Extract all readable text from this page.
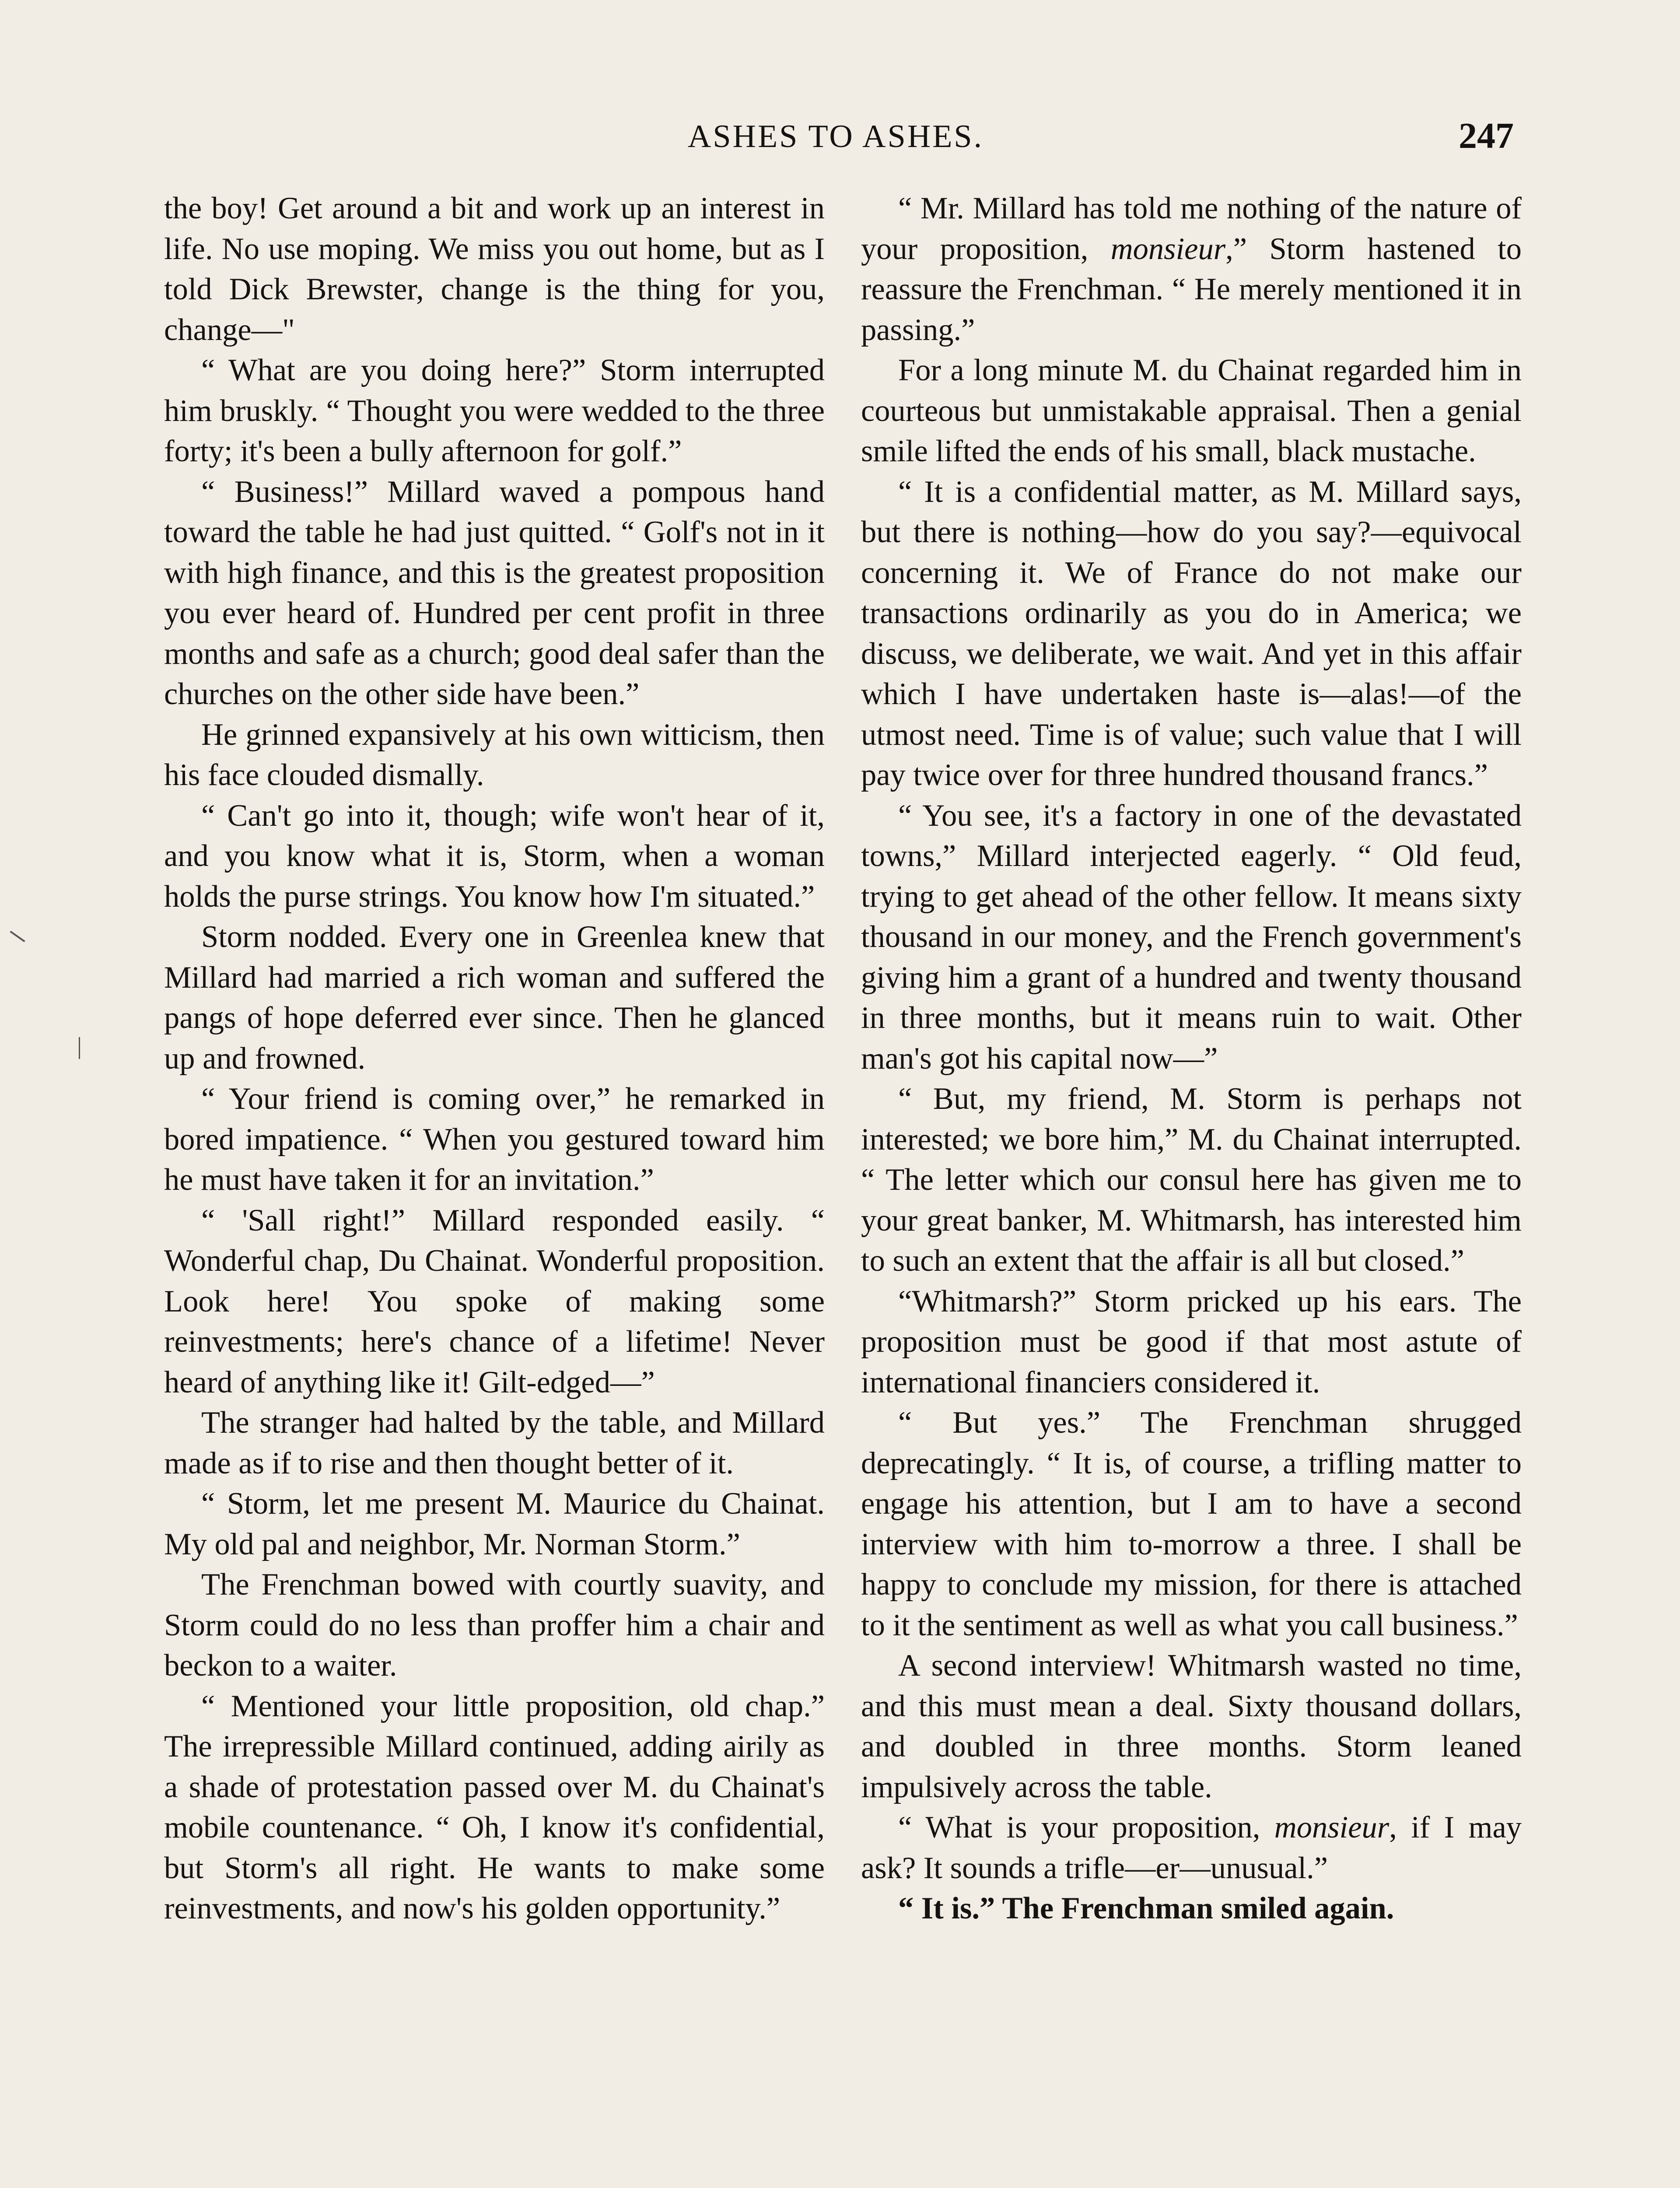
ASHES TO ASHES.	247

the boy! Get around a bit and work up an interest in life. No use moping. We miss you out home, but as I told Dick Brewster, change is the thing for you, change—"

“ What are you doing here?” Storm interrupted him bruskly. “ Thought you were wedded to the three forty; it's been a bully afternoon for golf.”

“ Business!” Millard waved a pompous hand toward the table he had just quitted. “ Golf's not in it with high finance, and this is the greatest proposition you ever heard of. Hundred per cent profit in three months and safe as a church; good deal safer than the churches on the other side have been.”

He grinned expansively at his own witticism, then his face clouded dismally.

“ Can't go into it, though; wife won't hear of it, and you know what it is, Storm, when a woman holds the purse strings. You know how I'm situated.”

Storm nodded. Every one in Greenlea knew that Millard had married a rich woman and suffered the pangs of hope deferred ever since. Then he glanced up and frowned.

“ Your friend is coming over,” he remarked in bored impatience. “ When you gestured toward him he must have taken it for an invitation.”

“ 'Sall right!” Millard responded easily. “ Wonderful chap, Du Chainat. Wonderful proposition. Look here! You spoke of making some reinvestments; here's chance of a lifetime! Never heard of anything like it! Gilt-edged—”

The stranger had halted by the table, and Millard made as if to rise and then thought better of it.

“ Storm, let me present M. Maurice du Chainat. My old pal and neighbor, Mr. Norman Storm.”

The Frenchman bowed with courtly suavity, and Storm could do no less than proffer him a chair and beckon to a waiter.

“ Mentioned your little proposition, old chap.” The irrepressible Millard continued, adding airily as a shade of protestation passed over M. du Chainat's mobile countenance. “ Oh, I know it's confidential, but Storm's all right. He wants to make some reinvestments, and now's his golden opportunity.”

“ Mr. Millard has told me nothing of the nature of your proposition, monsieur,” Storm hastened to reassure the Frenchman. “ He merely mentioned it in passing.”

For a long minute M. du Chainat regarded him in courteous but unmistakable appraisal. Then a genial smile lifted the ends of his small, black mustache.

“ It is a confidential matter, as M. Millard says, but there is nothing—how do you say?—equivocal concerning it. We of France do not make our transactions ordinarily as you do in America; we discuss, we deliberate, we wait. And yet in this affair which I have undertaken haste is—alas!—of the utmost need. Time is of value; such value that I will pay twice over for three hundred thousand francs.”

“ You see, it's a factory in one of the devastated towns,” Millard interjected eagerly. “ Old feud, trying to get ahead of the other fellow. It means sixty thousand in our money, and the French government's giving him a grant of a hundred and twenty thousand in three months, but it means ruin to wait. Other man's got his capital now—”

“ But, my friend, M. Storm is perhaps not interested; we bore him,” M. du Chainat interrupted. “ The letter which our consul here has given me to your great banker, M. Whitmarsh, has interested him to such an extent that the affair is all but closed.”

“Whitmarsh?” Storm pricked up his ears. The proposition must be good if that most astute of international financiers considered it.

“ But yes.” The Frenchman shrugged deprecatingly. “ It is, of course, a trifling matter to engage his attention, but I am to have a second interview with him to-morrow a three. I shall be happy to conclude my mission, for there is attached to it the sentiment as well as what you call business.”

A second interview! Whitmarsh wasted no time, and this must mean a deal. Sixty thousand dollars, and doubled in three months. Storm leaned impulsively across the table.

“ What is your proposition, monsieur, if I may ask? It sounds a trifle—er—unusual.”

“ It is.” The Frenchman smiled again.
